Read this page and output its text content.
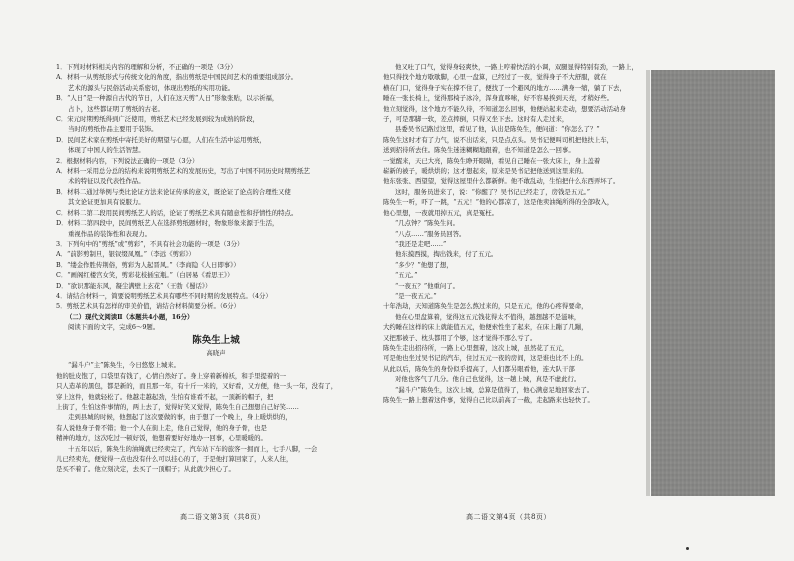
1．下列对材料相关内容的理解和分析，不正确的一项是（3分）
A．材料一从剪纸形式与传统文化的角度，指出剪纸是中国民间艺术的重要组成部分。
艺术的源头与民俗活动关系密切，体现出剪纸的实用功能。
B．“人日”是一种源自古代的节日，人们在这天剪“人日”形象张贴，以示祈福，
占卜，这些都证明了剪纸的古老。
C．宋元时期剪纸得到广泛使用，剪纸艺术已经发展到较为成熟的阶段，
当时的剪纸作品主要用于装饰。
D．民间艺术家在剪纸中寄托美好的期望与心愿，人们在生活中运用剪纸，
体现了中国人的生活智慧。
2．根据材料内容，下列说法正确的一项是（3分）
A．材料一采用总分总的结构来说明剪纸艺术的发展历史，写出了中国不同历史时期剪纸艺
术的特征以及代表性作品。
B．材料二通过举例与类比论证方法来论证传承的意义，既论证了论点的合理性又使
其文论证更加具有说服力。
C．材料二第二段用民间剪纸艺人的话，论证了剪纸艺术具有随意性和抒情性的特点。
D．材料二第四段中，民间剪纸艺人在选择剪纸题材时，物象形象来源于生活，
重视作品的装饰性和表现力。
3．下列句中的“剪纸”或“剪彩”，不具有社会功能的一项是（3分）
A．“前影剪制旦，银钗缀凤凰。”（李远《剪彩》）
B．“缕金作胜传荆俗，剪彩为人起晋风。”（李商隐《人日即事》）
C．“画阁红楼宫女笑，剪彩花枝插宝瓶。”（白居易《看思王》）
D．“欲识那能东风，凝尘满壁上玄花”（王勃《蜀话》）
4．请结合材料一，简要说明剪纸艺术具有哪些不同时期的发展特点。（4分）
5．剪纸艺术具有怎样的审美价值，请结合材料简要分析。（6分）
（二）现代文阅读Ⅱ（本题共4小题，16分）
阅读下面的文字，完成6～9题。
陈奂生上城
高晓声
“漏斗户”主”陈奂生，今日悠悠上城来。
他的肚皮饱了，口袋里有钱了，心情自然好了。身上穿着新棉袄，和手里提着的一
只人造革的黑包，都是新的，而且那一年，有十斤一米的，又好看，又方便，他一头一年，没有了，
穿上这件，他就轻松了。他越走越起劲，生怕有谁看不起，一顶新的帽子，把
上街了，生怕这件事情的，两上去了，觉得好笑又觉得，陈奂生自己想想自己好笑……
走到县城的时候，他想起了这次要做的事，由于想了一个晚上，身上暖烘烘的，
有人说他身子骨不错；他一个人在街上走，他自己觉得，他的身子骨，也是
精神的地方，这次吃过一顿好饭，他想着要好好地办一回事，心里暖暖的。
十五年以后，陈奂生的油绳就已经卖完了，汽车站下车的旅客一拥而上，七手八脚，一会
儿已经卖光，便觉得一点也没有什么可以挂心的了，于是他打算回家了，人来人往，
是买不着了。他立刻决定，去买了一顶帽子；从此就少担心了。
他又吐了口气，觉得身轻爽快，一路上哼着快活的小调，双腿显得特别有劲，一路上，
他只得找个地方歇歇脚，心里一盘算，已经过了一夜，觉得身子不大舒服，就在
横在门口，觉得身子实在撑不住了，便找了一个避风的地方……满身一缩，躺了下去，
睡在一张长椅上，觉得那椅子冰冷，浑身直哆嗦，好不容易挨到天亮，才稍好些。
他立刻觉得，这个地方不能久待，不知道怎么回事，他便站起来走动，想要活动活动身
子，可是那脚一软，差点摔倒，只得又坐下去。这时有人走过来，
县委吴书记路过这里，看见了他，认出是陈奂生，便问道：“你怎么了？”
陈奂生这时才有了力气，说不出话来，只是点点头。吴书记便叫司机把他扶上车，
送到招待所去住。陈奂生迷迷糊糊地跟着，也不知道是怎么一回事。
一觉醒来，天已大亮，陈奂生睁开眼睛，看见自己睡在一张大床上，身上盖着
崭新的被子，暖烘烘的；这才想起来，原来是吴书记把他送到这里来的。
他东张张、西望望，觉得这屋里什么都新鲜。他不敢乱动，生怕把什么东西弄坏了。
这时，服务员进来了，说：“你醒了？吴书记已经走了，房钱是五元。”
陈奂生一听，吓了一跳，“五元！”他的心都凉了，这是他卖油绳所得的全部收入，
他心里想，一夜就用掉五元，真是冤枉。
“几点钟？”陈奂生问。
“八点……”服务员回答。
“我还是走吧……”
他东摸西摸，掏出钱来，付了五元。
“多少？”他想了想，
“五元。”
“一夜五？”他重问了。
“是一夜五元。”
十年浩劫，天知道陈奂生是怎么熬过来的，只是五元，他的心疼得要命，
他在心里盘算着，觉得这五元钱花得太不值得，越想越不是滋味，
大约睡在这样的床上就能值五元，他便索性坐了起来，在床上蹦了几蹦，
又把那被子、枕头都用了个够，这才觉得不那么亏了。
陈奂生走出招待所，一路上心里想着，这次上城，虽然花了五元，
可是他也坐过吴书记的汽车，住过五元一夜的房间，这是谁也比不上的。
从此以后，陈奂生的身份似乎提高了，人们都另眼看他，连大队干部
对他也客气了几分。他自己也觉得，这一趟上城，真是不虚此行。
“漏斗户”陈奂生，这次上城，总算是值得了，他心满意足地回家去了。
陈奂生一路上想着这件事，觉得自己比以前高了一截，走起路来也轻快了。
高二语文第3页（共8页）	高二语文第4页（共8页）
